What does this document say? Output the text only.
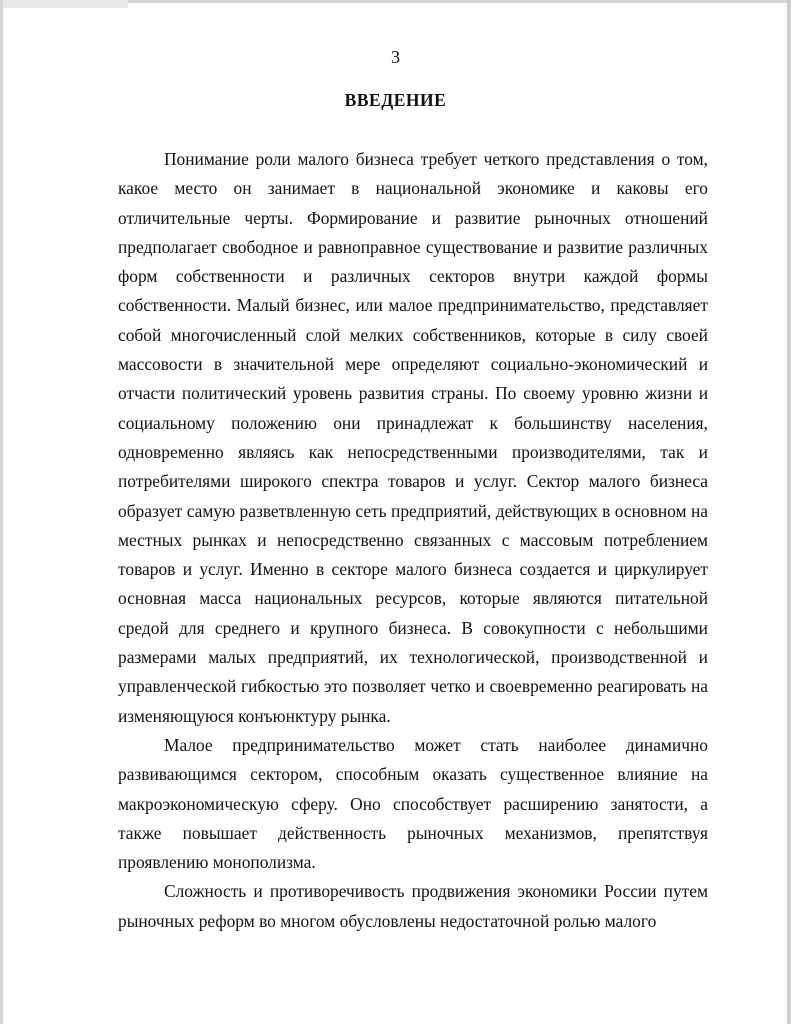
3
ВВЕДЕНИЕ

Понимание роли малого бизнеса требует четкого представления о том, какое место он занимает в национальной экономике и каковы его отличительные черты. Формирование и развитие рыночных отношений предполагает свободное и равноправное существование и развитие различных форм собственности и различных секторов внутри каждой формы собственности. Малый бизнес, или малое предпринимательство, представляет собой многочисленный слой мелких собственников, которые в силу своей массовости в значительной мере определяют социально-экономический и отчасти политический уровень развития страны. По своему уровню жизни и социальному положению они принадлежат к большинству населения, одновременно являясь как непосредственными производителями, так и потребителями широкого спектра товаров и услуг. Сектор малого бизнеса образует самую разветвленную сеть предприятий, действующих в основном на местных рынках и непосредственно связанных с массовым потреблением товаров и услуг. Именно в секторе малого бизнеса создается и циркулирует основная масса национальных ресурсов, которые являются питательной средой для среднего и крупного бизнеса. В совокупности с небольшими размерами малых предприятий, их технологической, производственной и управленческой гибкостью это позволяет четко и своевременно реагировать на изменяющуюся конъюнктуру рынка.

Малое предпринимательство может стать наиболее динамично развивающимся сектором, способным оказать существенное влияние на макроэкономическую сферу. Оно способствует расширению занятости, а также повышает действенность рыночных механизмов, препятствуя проявлению монополизма.

Сложность и противоречивость продвижения экономики России путем рыночных реформ во многом обусловлены недостаточной ролью малого
